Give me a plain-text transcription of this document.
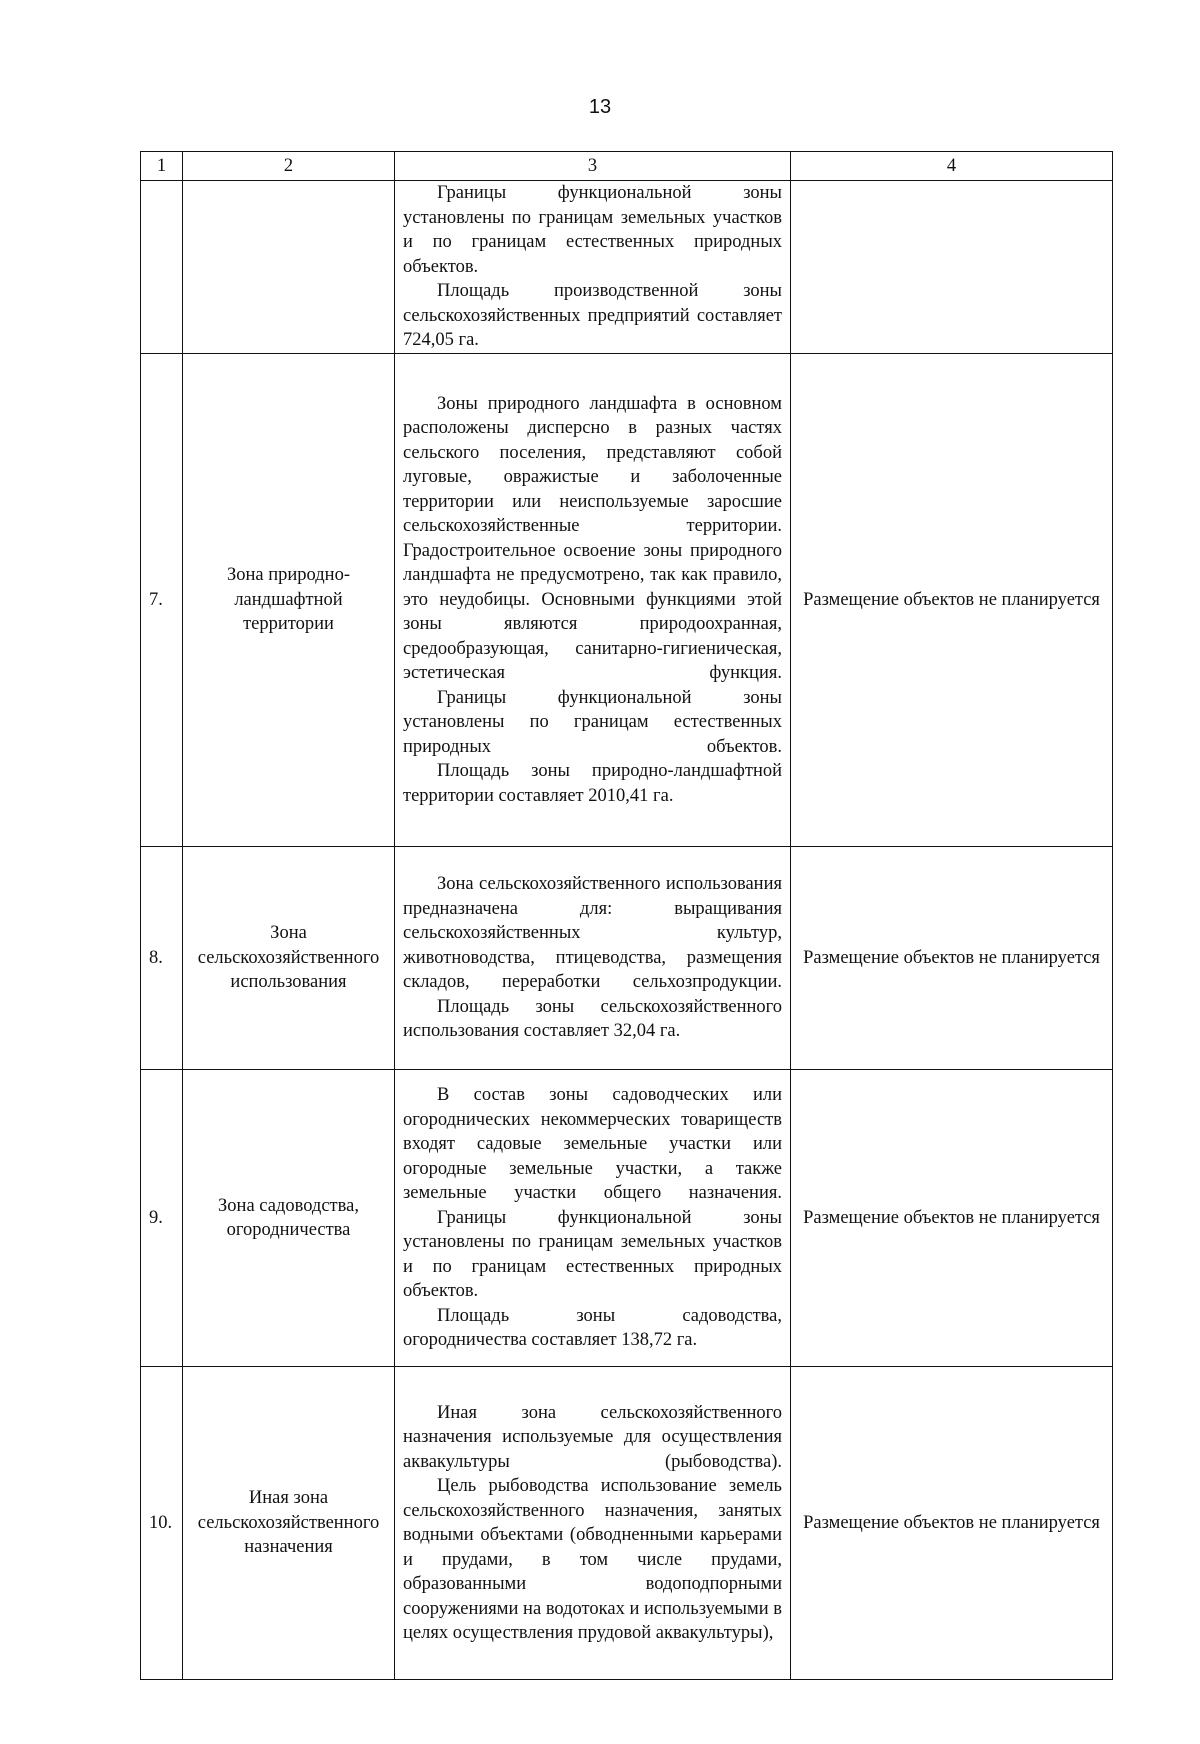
13
1	2	3	4

		Границы функциональной зоны установлены по границам земельных участков и по границам естественных природных объектов.

Площадь производственной зоны сельскохозяйственных предприятий составляет 724,05 га.	

7.	Зона природно-ландшафтной территории	Зоны природного ландшафта в основном расположены дисперсно в разных частях сельского поселения, представляют собой луговые, овражистые и заболоченные территории или неиспользуемые заросшие сельскохозяйственные территории. Градостроительное освоение зоны природного ландшафта не предусмотрено, так как правило, это неудобицы. Основными функциями этой зоны являются природоохранная, средообразующая, санитарно-гигиеническая, эстетическая функция.

Границы функциональной зоны установлены по границам естественных природных объектов.

Площадь зоны природно-ландшафтной территории составляет 2010,41 га.	Размещение объектов не планируется
8.	Зона сельскохозяйственного использования	Зона сельскохозяйственного использования предназначена для: выращивания сельскохозяйственных культур, животноводства, птицеводства, размещения складов, переработки сельхозпродукции.

Площадь зоны сельскохозяйственного использования составляет 32,04 га.	Размещение объектов не планируется
9.	Зона садоводства, огородничества	В состав зоны садоводческих или огороднических некоммерческих товариществ входят садовые земельные участки или огородные земельные участки, а также земельные участки общего назначения.

Границы функциональной зоны установлены по границам земельных участков и по границам естественных природных объектов.

Площадь зоны садоводства, огородничества составляет 138,72 га.	Размещение объектов не планируется
10.	Иная зона сельскохозяйственного назначения	Иная зона сельскохозяйственного назначения используемые для осуществления аквакультуры (рыбоводства).

Цель рыбоводства использование земель сельскохозяйственного назначения, занятых водными объектами (обводненными карьерами и прудами, в том числе прудами, образованными водоподпорными сооружениями на водотоках и используемыми в целях осуществления прудовой аквакультуры),	Размещение объектов не планируется
